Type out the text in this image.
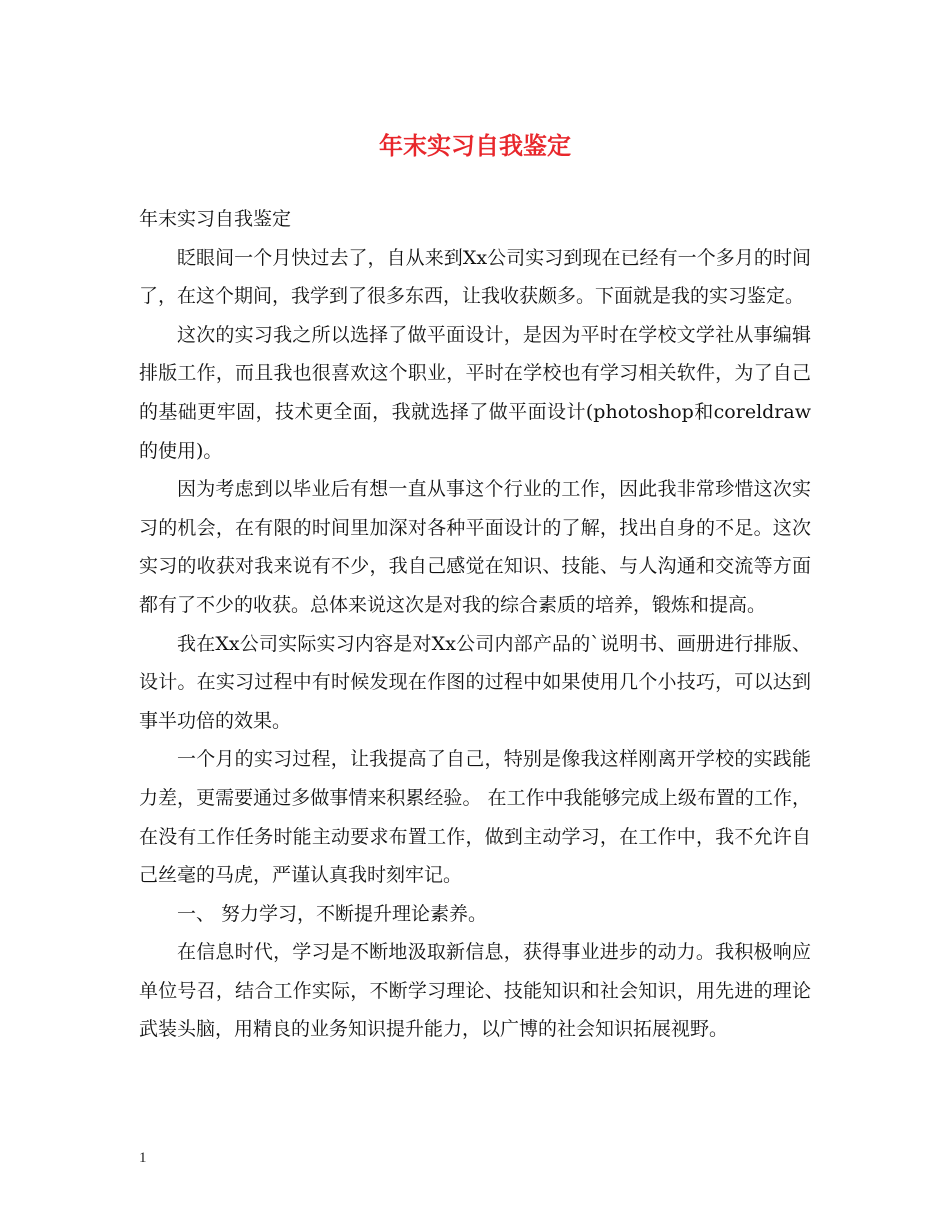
年末实习自我鉴定

年末实习自我鉴定

眨眼间一个月快过去了，自从来到Xx公司实习到现在已经有一个多月的时间了，在这个期间，我学到了很多东西，让我收获颇多。下面就是我的实习鉴定。

这次的实习我之所以选择了做平面设计，是因为平时在学校文学社从事编辑排版工作，而且我也很喜欢这个职业，平时在学校也有学习相关软件，为了自己的基础更牢固，技术更全面，我就选择了做平面设计(photoshop和coreldraw的使用)。

因为考虑到以毕业后有想一直从事这个行业的工作，因此我非常珍惜这次实习的机会，在有限的时间里加深对各种平面设计的了解，找出自身的不足。这次实习的收获对我来说有不少，我自己感觉在知识、技能、与人沟通和交流等方面都有了不少的收获。总体来说这次是对我的综合素质的培养，锻炼和提高。

我在Xx公司实际实习内容是对Xx公司内部产品的`说明书、画册进行排版、设计。在实习过程中有时候发现在作图的过程中如果使用几个小技巧，可以达到事半功倍的效果。

一个月的实习过程，让我提高了自己，特别是像我这样刚离开学校的实践能力差，更需要通过多做事情来积累经验。 在工作中我能够完成上级布置的工作，在没有工作任务时能主动要求布置工作，做到主动学习，在工作中，我不允许自己丝毫的马虎，严谨认真我时刻牢记。

一、 努力学习，不断提升理论素养。

在信息时代，学习是不断地汲取新信息，获得事业进步的动力。我积极响应单位号召，结合工作实际，不断学习理论、技能知识和社会知识，用先进的理论武装头脑，用精良的业务知识提升能力，以广博的社会知识拓展视野。

1
